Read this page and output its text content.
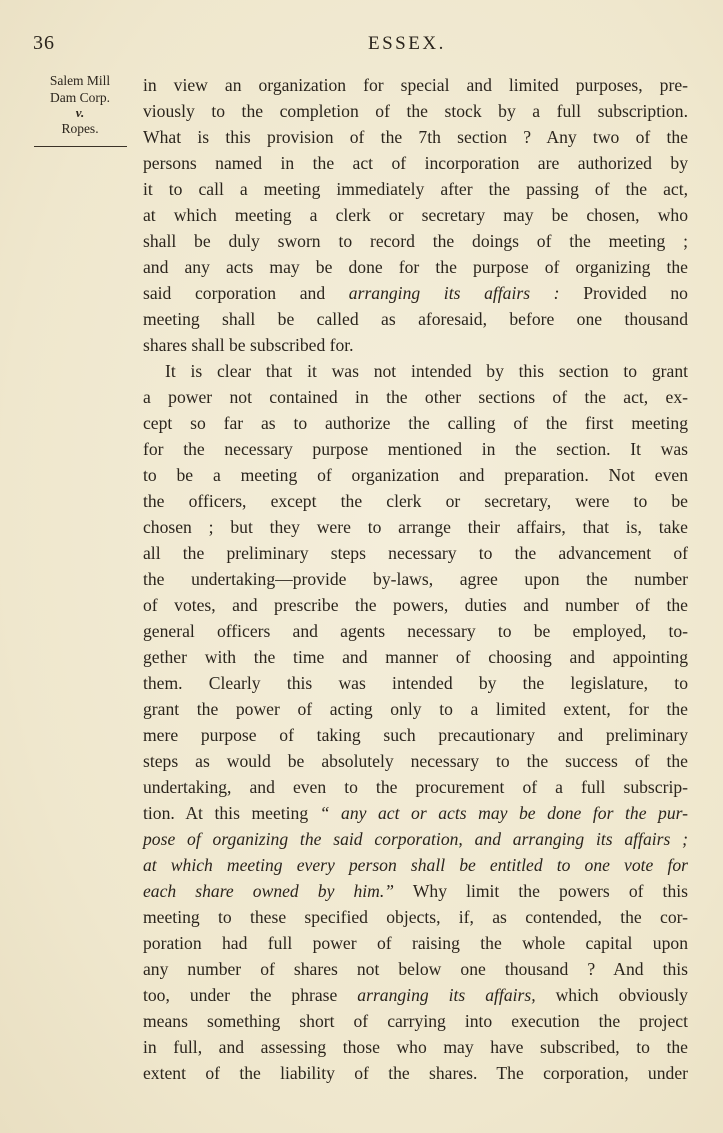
36	ESSEX.
Salem Mill
Dam Corp.
v.
Ropes.
in view an organization for special and limited purposes, pre-
viously to the completion of the stock by a full subscription.
What is this provision of the 7th section ? Any two of the
persons named in the act of incorporation are authorized by
it to call a meeting immediately after the passing of the act,
at which meeting a clerk or secretary may be chosen, who
shall be duly sworn to record the doings of the meeting ;
and any acts may be done for the purpose of organizing the
said corporation and arranging its affairs : Provided no
meeting shall be called as aforesaid, before one thousand
shares shall be subscribed for.
It is clear that it was not intended by this section to grant
a power not contained in the other sections of the act, ex-
cept so far as to authorize the calling of the first meeting
for the necessary purpose mentioned in the section. It was
to be a meeting of organization and preparation. Not even
the officers, except the clerk or secretary, were to be
chosen ; but they were to arrange their affairs, that is, take
all the preliminary steps necessary to the advancement of
the undertaking—provide by-laws, agree upon the number
of votes, and prescribe the powers, duties and number of the
general officers and agents necessary to be employed, to-
gether with the time and manner of choosing and appointing
them. Clearly this was intended by the legislature, to
grant the power of acting only to a limited extent, for the
mere purpose of taking such precautionary and preliminary
steps as would be absolutely necessary to the success of the
undertaking, and even to the procurement of a full subscrip-
tion. At this meeting “ any act or acts may be done for the pur-
pose of organizing the said corporation, and arranging its affairs ;
at which meeting every person shall be entitled to one vote for
each share owned by him.” Why limit the powers of this
meeting to these specified objects, if, as contended, the cor-
poration had full power of raising the whole capital upon
any number of shares not below one thousand ? And this
too, under the phrase arranging its affairs, which obviously
means something short of carrying into execution the project
in full, and assessing those who may have subscribed, to the
extent of the liability of the shares. The corporation, under
